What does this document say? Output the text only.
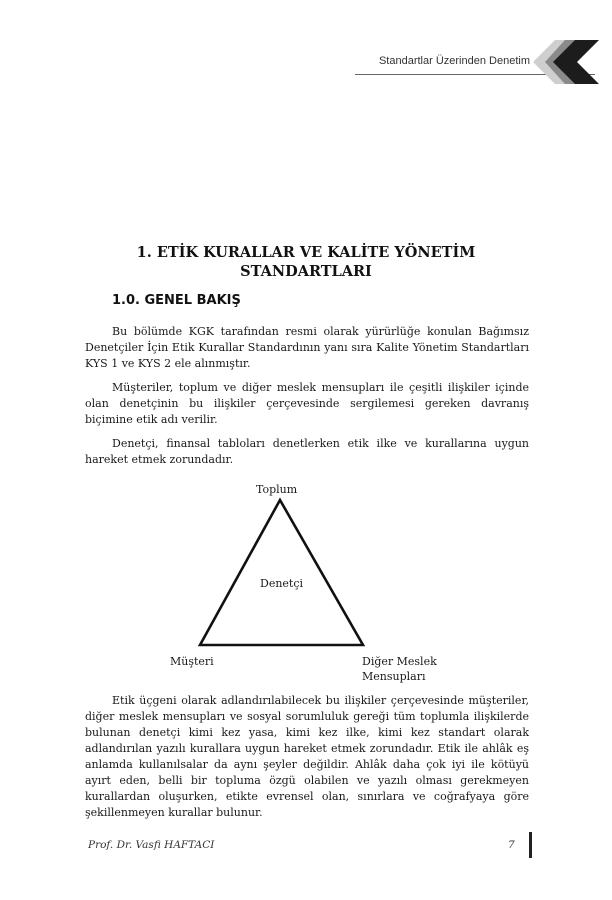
Standartlar Üzerinden Denetim
1. ETİK KURALLAR VE KALİTE YÖNETİM
STANDARTLARI
1.0. GENEL BAKIŞ

Bu bölümde KGK tarafından resmi olarak yürürlüğe konulan Bağımsız Denetçiler İçin Etik Kurallar Standardının yanı sıra Kalite Yönetim Standartları KYS 1 ve KYS 2 ele alınmıştır.

Müşteriler, toplum ve diğer meslek mensupları ile çeşitli ilişkiler içinde olan denetçinin bu ilişkiler çerçevesinde sergilemesi gereken davranış biçimine etik adı verilir.

Denetçi, finansal tabloları denetlerken etik ilke ve kurallarına uygun hareket etmek zorundadır.

Toplum
Denetçi
Müşteri	Diğer Meslek
Mensupları

Etik üçgeni olarak adlandırılabilecek bu ilişkiler çerçevesinde müşteriler, diğer meslek mensupları ve sosyal sorumluluk gereği tüm toplumla ilişkilerde bulunan denetçi kimi kez yasa, kimi kez ilke, kimi kez standart olarak adlandırılan yazılı kurallara uygun hareket etmek zorundadır. Etik ile ahlâk eş anlamda kullanılsalar da aynı şeyler değildir. Ahlâk daha çok iyi ile kötüyü ayırt eden, belli bir topluma özgü olabilen ve yazılı olması gerekmeyen kurallardan oluşurken, etikte evrensel olan, sınırlara ve coğrafyaya göre şekillenmeyen kurallar bulunur.

Prof. Dr. Vasfi HAFTACI	7
